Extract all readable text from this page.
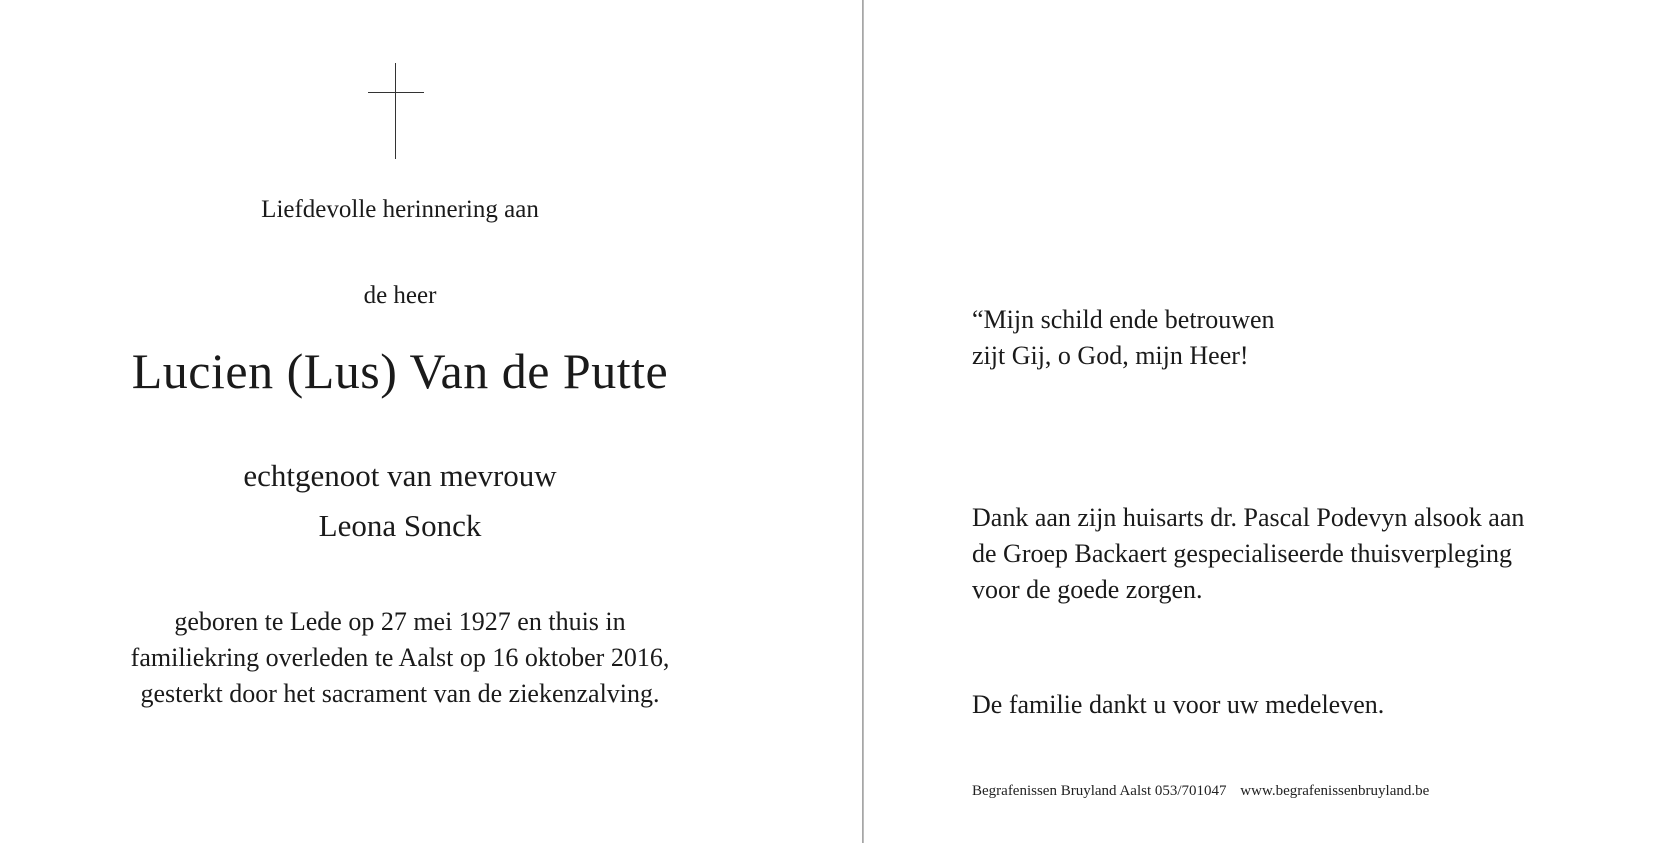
Liefdevolle herinnering aan
de heer
Lucien (Lus) Van de Putte
echtgenoot van mevrouw
Leona Sonck
geboren te Lede op 27 mei 1927 en thuis in
familiekring overleden te Aalst op 16 oktober 2016,
gesterkt door het sacrament van de ziekenzalving.
“Mijn schild ende betrouwen
zijt Gij, o God, mijn Heer!
Dank aan zijn huisarts dr. Pascal Podevyn alsook aan
de Groep Backaert gespecialiseerde thuisverpleging
voor de goede zorgen.
De familie dankt u voor uw medeleven.
Begrafenissen Bruyland Aalst 053/701047 www.begrafenissenbruyland.be
